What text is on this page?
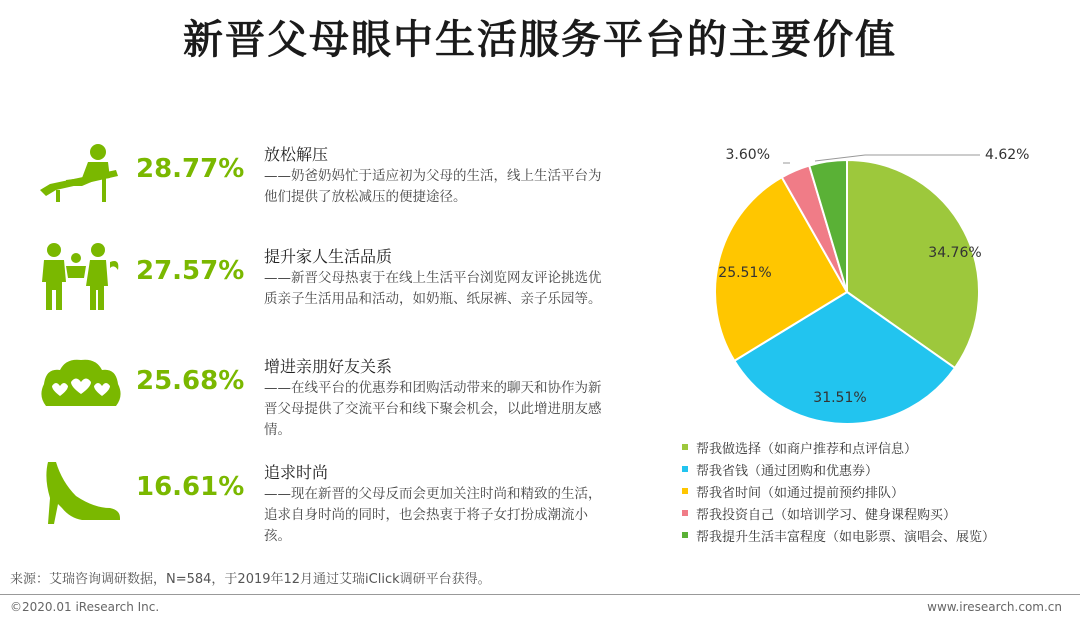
新晋父母眼中生活服务平台的主要价值
28.77% 放松解压
——奶爸奶妈忙于适应初为父母的生活，线上生活平台为他们提供了放松减压的便捷途径。
27.57% 提升家人生活品质
——新晋父母热衷于在线上生活平台浏览网友评论挑选优质亲子生活用品和活动，如奶瓶、纸尿裤、亲子乐园等。
25.68% 增进亲朋好友关系
——在线平台的优惠券和团购活动带来的聊天和协作为新晋父母提供了交流平台和线下聚会机会，以此增进朋友感情。
16.61% 追求时尚
——现在新晋的父母反而会更加关注时尚和精致的生活，追求自身时尚的同时，也会热衷于将子女打扮成潮流小孩。
34.76%
31.51%
25.51%
3.60%	4.62%
帮我做选择（如商户推荐和点评信息）
帮我省钱（通过团购和优惠券）
帮我省时间（如通过提前预约排队）
帮我投资自己（如培训学习、健身课程购买）
帮我提升生活丰富程度（如电影票、演唱会、展览）
来源：艾瑞咨询调研数据，N=584，于2019年12月通过艾瑞iClick调研平台获得。
©2020.01 iResearch Inc.	www.iresearch.com.cn
